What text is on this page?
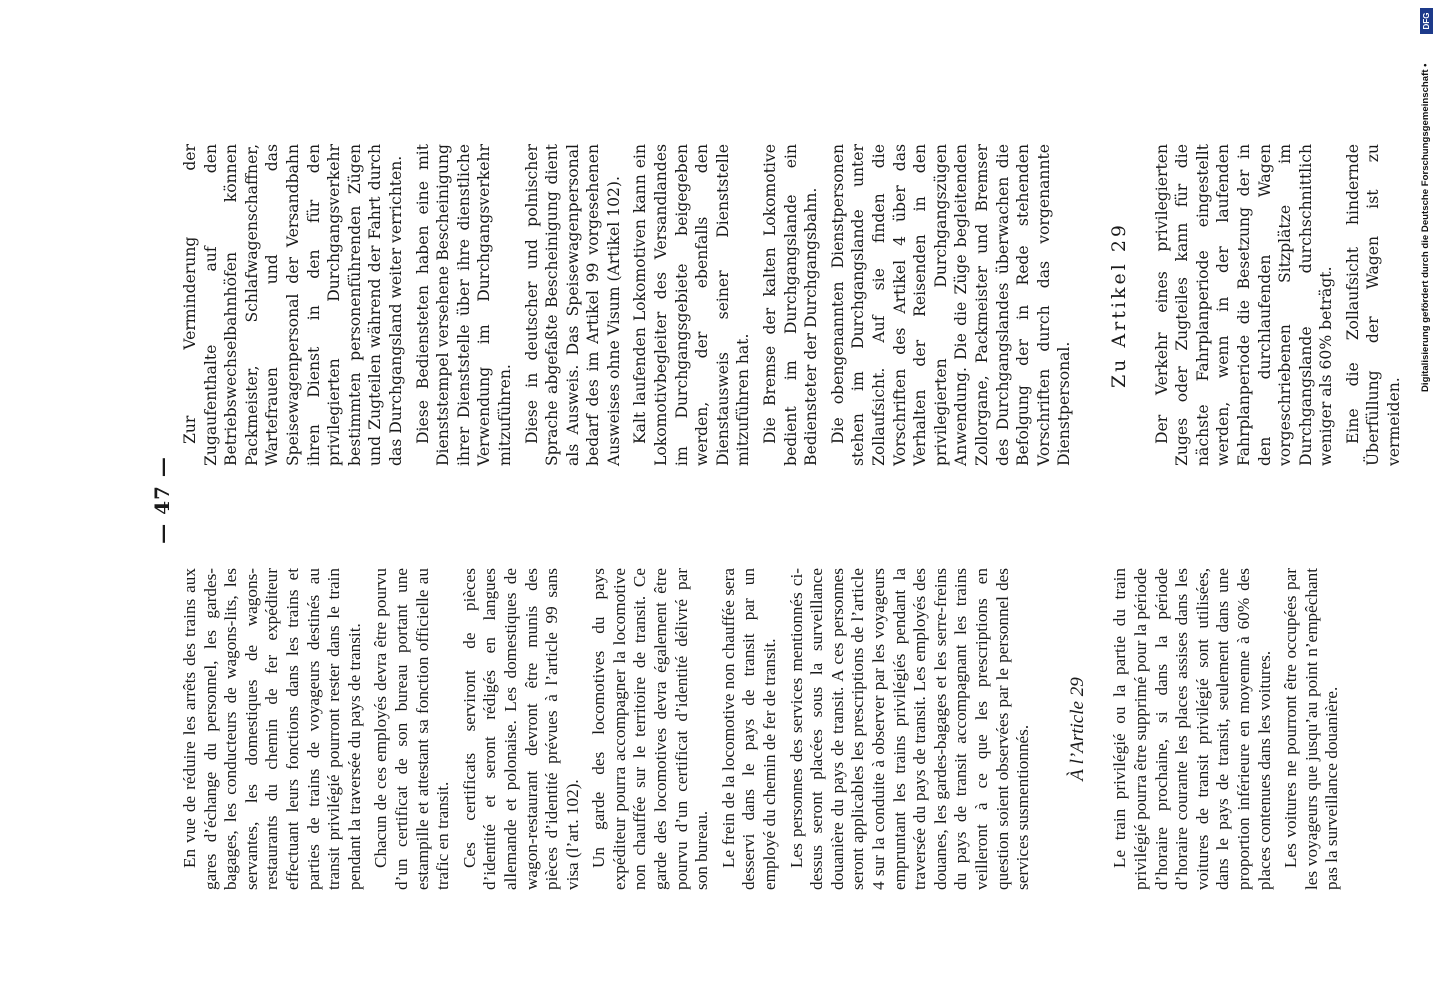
— 47 —

En vue de réduire les arrêts des trains aux gares d’échange du personnel, les gardes-bagages, les conducteurs de wagons-lits, les servantes, les domestiques de wagons-restaurants du chemin de fer expéditeur effectuant leurs fonctions dans les trains et parties de trains de voyageurs destinés au transit privilégié pourront rester dans le train pendant la traversée du pays de transit. Chacun de ces employés devra être pourvu d’un certificat de son bureau portant une estampille et attestant sa fonction officielle au trafic en transit. Ces certificats serviront de pièces d’identité et seront rédigés en langues allemande et polonaise. Les domestiques de wagon-restaurant devront être munis des pièces d’identité prévues à l’article 99 sans visa (l’art. 102). Un garde des locomotives du pays expéditeur pourra accompagner la locomotive non chauffée sur le territoire de transit. Ce garde des locomotives devra également être pourvu d’un certificat d’identité délivré par son bureau. Le frein de la locomotive non chauffée sera desservi dans le pays de transit par un employé du chemin de fer de transit. Les personnes des services mentionnés ci-dessus seront placées sous la surveillance douanière du pays de transit. A ces personnes seront applicables les prescriptions de l’article 4 sur la conduite à observer par les voyageurs empruntant les trains privilégiés pendant la traversée du pays de transit. Les employés des douanes, les gardes-bagages et les serre-freins du pays de transit accompagnant les trains veilleront à ce que les prescriptions en question soient observées par le personnel des services susmentionnés. À l’Article 29 Le train privilégié ou la partie du train privilégié pourra être supprimé pour la période d’horaire prochaine, si dans la période d’horaire courante les places assises dans les voitures de transit privilégié sont utilisées, dans le pays de transit, seulement dans une proportion inférieure en moyenne à 60% des places contenues dans les voitures. Les voitures ne pourront être occupées par les voyageurs que jusqu’au point n’empêchant pas la surveillance douanière.

Zur Verminderung der Zugaufenthalte auf den Betriebswechselbahnhöfen können Packmeister, Schlafwagenschaffner, Wartefrauen und das Speisewagenpersonal der Versandbahn ihren Dienst in den für den privilegierten Durchgangsverkehr bestimmten personenführenden Zügen und Zugteilen während der Fahrt durch das Durchgangsland weiter verrichten. Diese Bediensteten haben eine mit Dienststempel versehene Bescheinigung ihrer Dienststelle über ihre dienstliche Verwendung im Durchgangsverkehr mitzuführen. Diese in deutscher und polnischer Sprache abgefaßte Bescheinigung dient als Ausweis. Das Speisewagenpersonal bedarf des im Artikel 99 vorgesehenen Ausweises ohne Visum (Artikel 102). Kalt laufenden Lokomotiven kann ein Lokomotivbegleiter des Versandlandes im Durchgangsgebiete beigegeben werden, der ebenfalls den Dienstausweis seiner Dienststelle mitzuführen hat. Die Bremse der kalten Lokomotive bedient im Durchgangslande ein Bediensteter der Durchgangsbahn. Die obengenannten Dienstpersonen stehen im Durchgangslande unter Zollaufsicht. Auf sie finden die Vorschriften des Artikel 4 über das Verhalten der Reisenden in den privilegierten Durchgangszügen Anwendung. Die die Züge begleitenden Zollorgane, Packmeister und Bremser des Durchgangslandes überwachen die Befolgung der in Rede stehenden Vorschriften durch das vorgenannte Dienstpersonal.

Zu Artikel 29 Der Verkehr eines privilegierten Zuges oder Zugteiles kann für die nächste Fahrplanperiode eingestellt werden, wenn in der laufenden Fahrplanperiode die Besetzung der in den durchlaufenden Wagen vorgeschriebenen Sitzplätze im Durchgangslande durchschnittlich weniger als 60% beträgt. Eine die Zollaufsicht hindernde Überfüllung der Wagen ist zu vermeiden.

DFG
Digitalisierung gefördert durch die Deutsche Forschungsgemeinschaft •
